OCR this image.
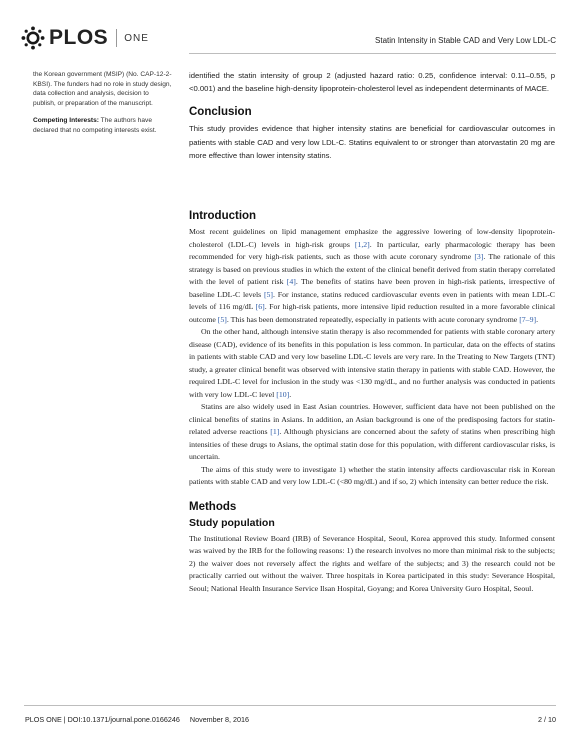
PLOS ONE	Statin Intensity in Stable CAD and Very Low LDL-C

the Korean government (MSIP) (No. CAP-12-2-KBSI). The funders had no role in study design, data collection and analysis, decision to publish, or preparation of the manuscript.

Competing Interests: The authors have declared that no competing interests exist.

identified the statin intensity of group 2 (adjusted hazard ratio: 0.25, confidence interval: 0.11–0.55, p <0.001) and the baseline high-density lipoprotein-cholesterol level as independent determinants of MACE.

Conclusion

This study provides evidence that higher intensity statins are beneficial for cardiovascular outcomes in patients with stable CAD and very low LDL-C. Statins equivalent to or stronger than atorvastatin 20 mg are more effective than lower intensity statins.

Introduction

Most recent guidelines on lipid management emphasize the aggressive lowering of low-density lipoprotein-cholesterol (LDL-C) levels in high-risk groups [1,2]. In particular, early pharmacologic therapy has been recommended for very high-risk patients, such as those with acute coronary syndrome [3]. The rationale of this strategy is based on previous studies in which the extent of the clinical benefit derived from statin therapy correlated with the level of patient risk [4]. The benefits of statins have been proven in high-risk patients, irrespective of baseline LDL-C levels [5]. For instance, statins reduced cardiovascular events even in patients with mean LDL-C levels of 116 mg/dL [6]. For high-risk patients, more intensive lipid reduction resulted in a more favorable clinical outcome [5]. This has been demonstrated repeatedly, especially in patients with acute coronary syndrome [7–9].

On the other hand, although intensive statin therapy is also recommended for patients with stable coronary artery disease (CAD), evidence of its benefits in this population is less common. In particular, data on the effects of statins in patients with stable CAD and very low baseline LDL-C levels are very rare. In the Treating to New Targets (TNT) study, a greater clinical benefit was observed with intensive statin therapy in patients with stable CAD. However, the required LDL-C level for inclusion in the study was <130 mg/dL, and no further analysis was conducted in patients with very low LDL-C level [10].

Statins are also widely used in East Asian countries. However, sufficient data have not been published on the clinical benefits of statins in Asians. In addition, an Asian background is one of the predisposing factors for statin-related adverse reactions [1]. Although physicians are concerned about the safety of statins when prescribing high intensities of these drugs to Asians, the optimal statin dose for this population, with different cardiovascular risks, is uncertain.

The aims of this study were to investigate 1) whether the statin intensity affects cardiovascular risk in Korean patients with stable CAD and very low LDL-C (<80 mg/dL) and if so, 2) which intensity can better reduce the risk.

Methods
Study population

The Institutional Review Board (IRB) of Severance Hospital, Seoul, Korea approved this study. Informed consent was waived by the IRB for the following reasons: 1) the research involves no more than minimal risk to the subjects; 2) the waiver does not reversely affect the rights and welfare of the subjects; and 3) the research could not be practically carried out without the waiver. Three hospitals in Korea participated in this study: Severance Hospital, Seoul; National Health Insurance Service Ilsan Hospital, Goyang; and Korea University Guro Hospital, Seoul.

PLOS ONE | DOI:10.1371/journal.pone.0166246 November 8, 2016	2 / 10
